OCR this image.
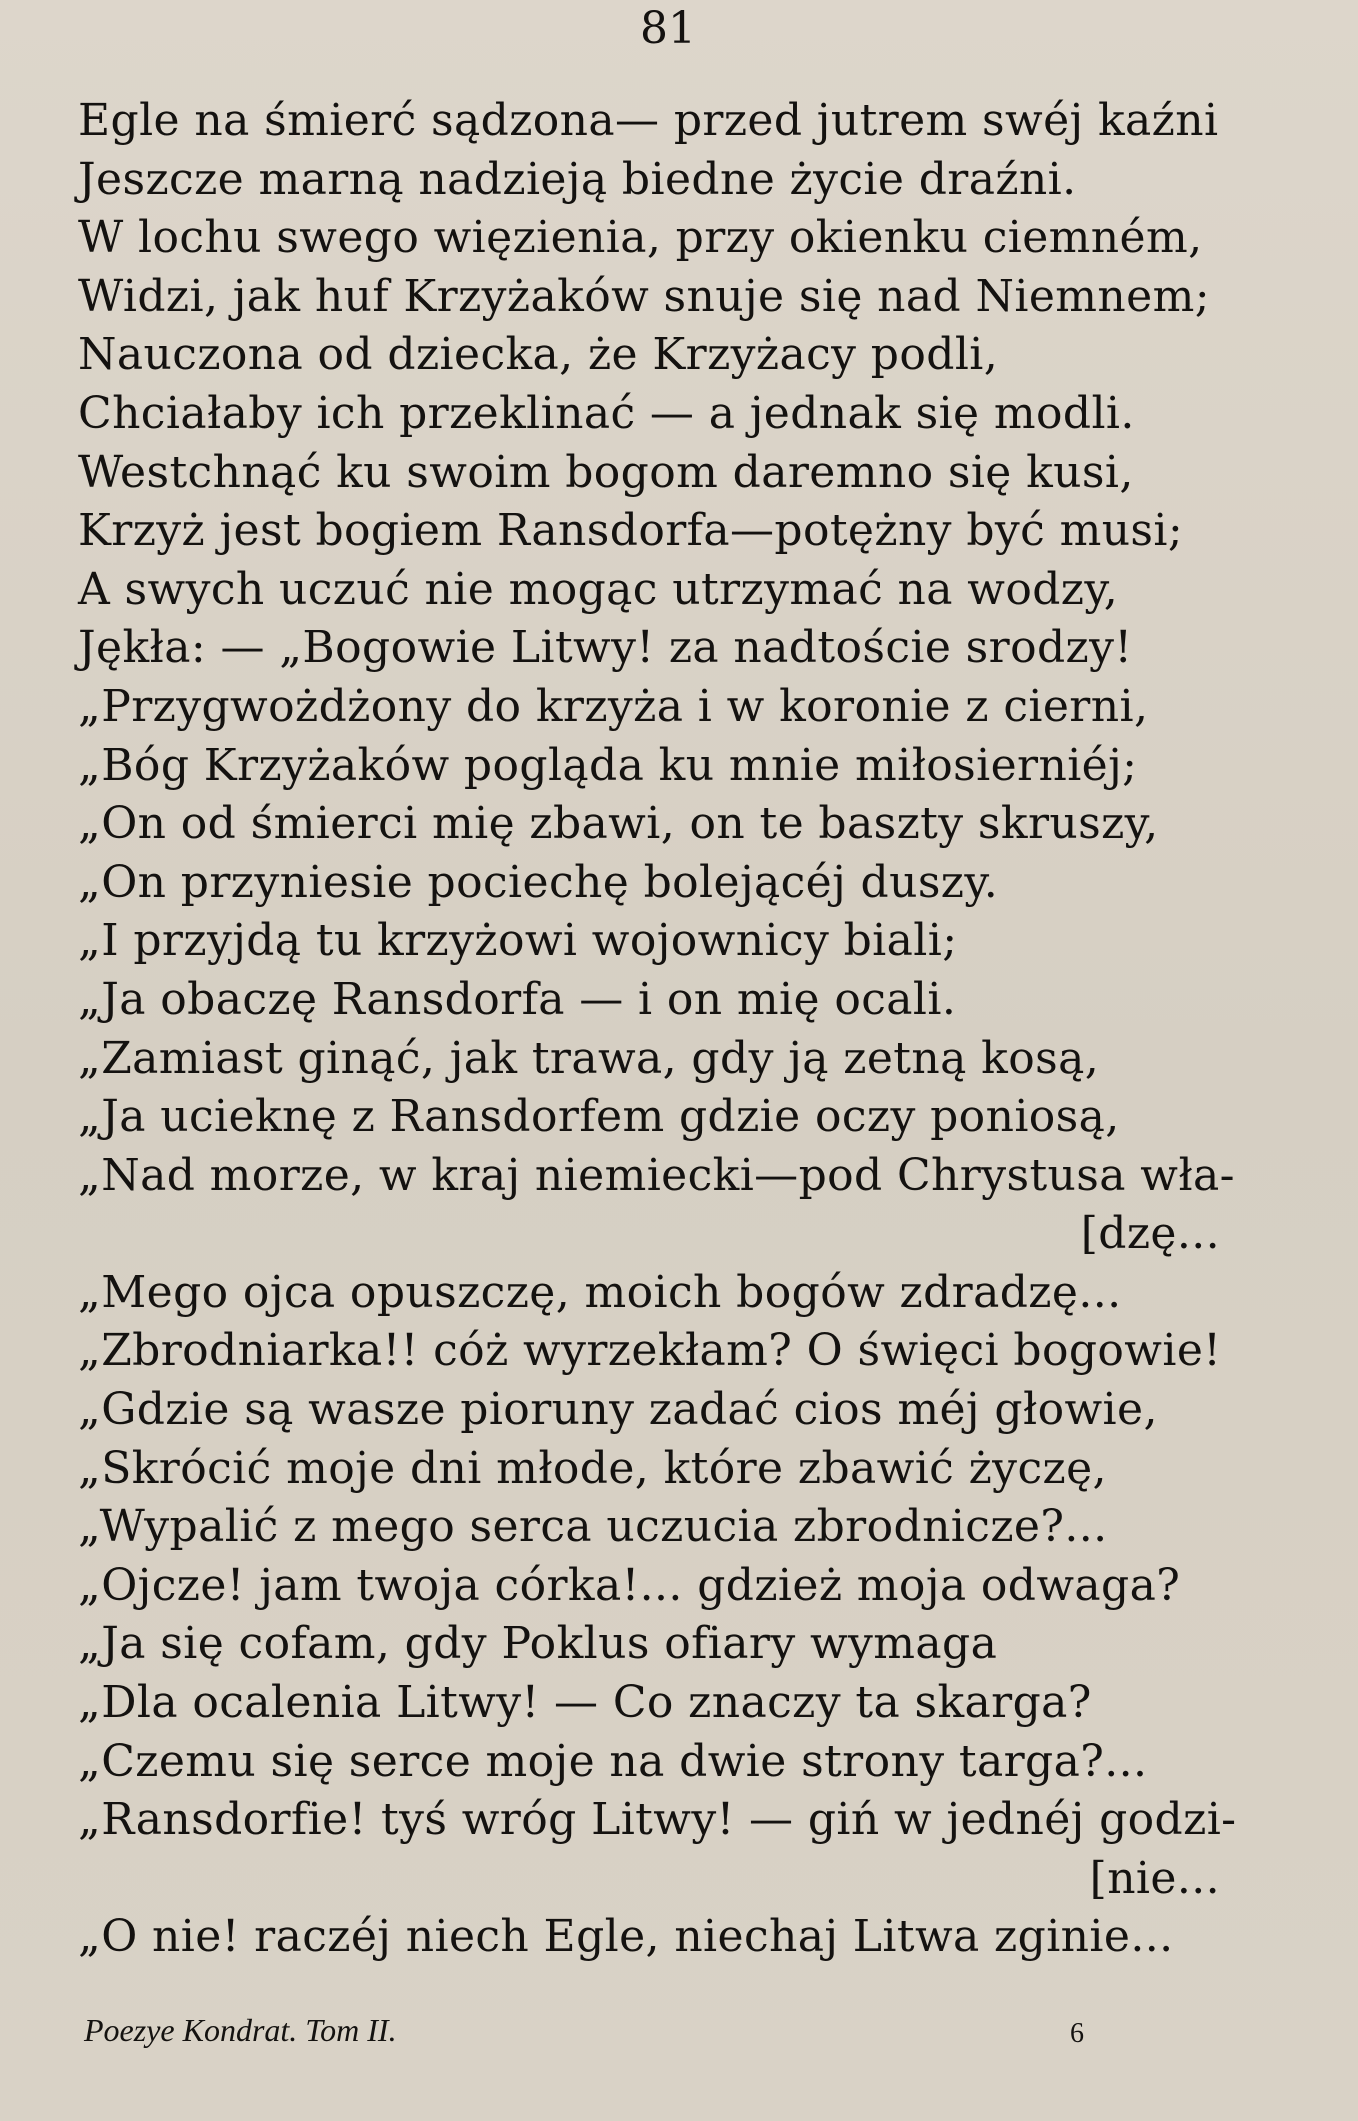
81
Egle na śmierć sądzona— przed jutrem swéj kaźni
Jeszcze marną nadzieją biedne życie draźni.
W lochu swego więzienia, przy okienku ciemném,
Widzi, jak huf Krzyżaków snuje się nad Niemnem;
Nauczona od dziecka, że Krzyżacy podli,
Chciałaby ich przeklinać — a jednak się modli.
Westchnąć ku swoim bogom daremno się kusi,
Krzyż jest bogiem Ransdorfa—potężny być musi;
A swych uczuć nie mogąc utrzymać na wodzy,
Jękła: — „Bogowie Litwy! za nadtoście srodzy!
„Przygwożdżony do krzyża i w koronie z cierni,
„Bóg Krzyżaków pogląda ku mnie miłosierniéj;
„On od śmierci mię zbawi, on te baszty skruszy,
„On przyniesie pociechę bolejącéj duszy.
„I przyjdą tu krzyżowi wojownicy biali;
„Ja obaczę Ransdorfa — i on mię ocali.
„Zamiast ginąć, jak trawa, gdy ją zetną kosą,
„Ja ucieknę z Ransdorfem gdzie oczy poniosą,
„Nad morze, w kraj niemiecki—pod Chrystusa wła-
[dzę...
„Mego ojca opuszczę, moich bogów zdradzę...
„Zbrodniarka!! cóż wyrzekłam? O święci bogowie!
„Gdzie są wasze pioruny zadać cios méj głowie,
„Skrócić moje dni młode, które zbawić życzę,
„Wypalić z mego serca uczucia zbrodnicze?...
„Ojcze! jam twoja córka!... gdzież moja odwaga?
„Ja się cofam, gdy Poklus ofiary wymaga
„Dla ocalenia Litwy! — Co znaczy ta skarga?
„Czemu się serce moje na dwie strony targa?...
„Ransdorfie! tyś wróg Litwy! — giń w jednéj godzi-
[nie...
„O nie! raczéj niech Egle, niechaj Litwa zginie...
Poezye Kondrat. Tom II.	6
